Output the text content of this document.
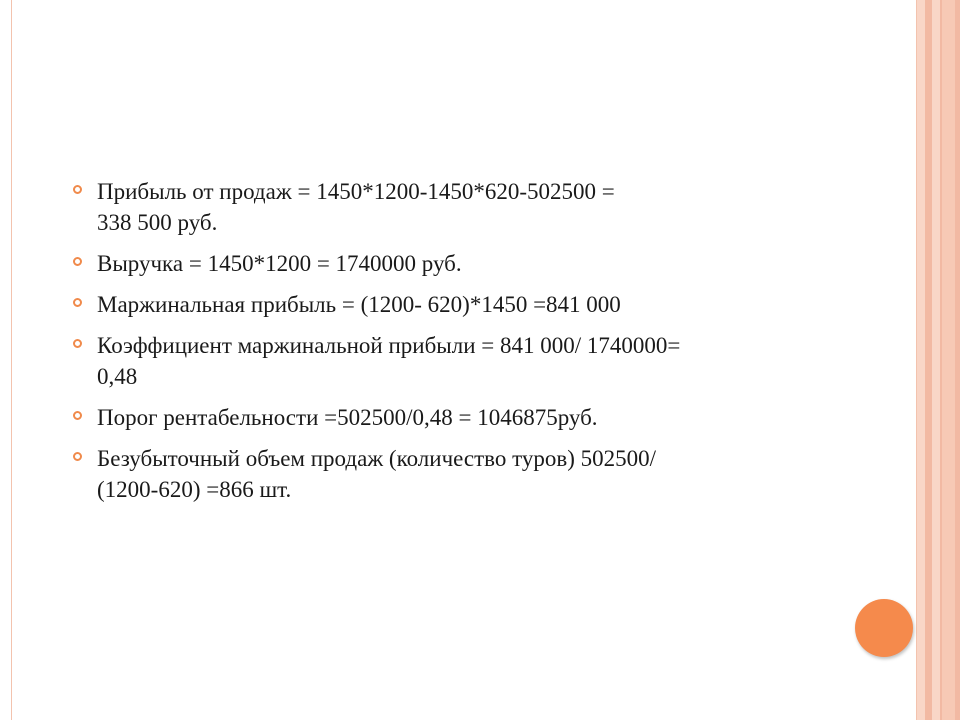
Прибыль от продаж = 1450*1200-1450*620-502500 =
338 500 руб.
Выручка = 1450*1200 = 1740000 руб.
Маржинальная прибыль = (1200- 620)*1450 =841 000
Коэффициент маржинальной прибыли = 841 000/ 1740000=
0,48
Порог рентабельности =502500/0,48 = 1046875руб.
Безубыточный объем продаж (количество туров) 502500/
(1200-620) =866 шт.
